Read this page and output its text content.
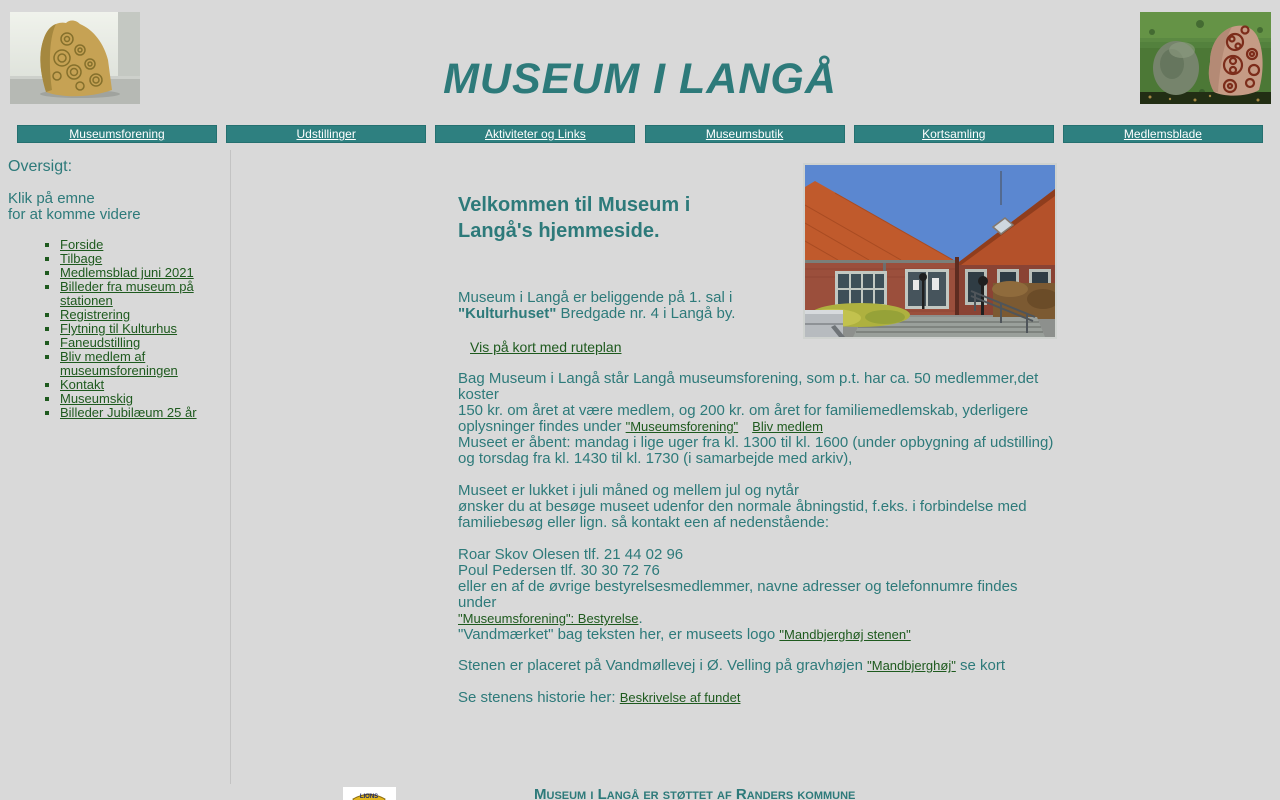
MUSEUM I LANGÅ
Museumsforening	Udstillinger	Aktiviteter og Links	Museumsbutik	Kortsamling	Medlemsblade
Oversigt:
Klik på emne
for at komme videre
▪ Forside
▪ Tilbage
▪ Medlemsblad juni 2021
▪ Billeder fra museum på stationen
▪ Registrering
▪ Flytning til Kulturhus
▪ Faneudstilling
▪ Bliv medlem af museumsforeningen
▪ Kontakt
▪ Museumskig
▪ Billeder Jubilæum 25 år
Velkommen til Museum i Langå's hjemmeside.
Museum i Langå er beliggende på 1. sal i
"Kulturhuset" Bredgade nr. 4 i Langå by.
Vis på kort med ruteplan
Bag Museum i Langå står Langå museumsforening, som p.t. har ca. 50 medlemmer,det koster
150 kr. om året at være medlem, og 200 kr. om året for familiemedlemskab, yderligere
oplysninger findes under "Museumsforening" Bliv medlem
Museet er åbent: mandag i lige uger fra kl. 1300 til kl. 1600 (under opbygning af udstilling)
og torsdag fra kl. 1430 til kl. 1730 (i samarbejde med arkiv),
Museet er lukket i juli måned og mellem jul og nytår
ønsker du at besøge museet udenfor den normale åbningstid, f.eks. i forbindelse med
familiebesøg eller lign. så kontakt een af nedenstående:
Roar Skov Olesen tlf. 21 44 02 96
Poul Pedersen tlf. 30 30 72 76
eller en af de øvrige bestyrelsesmedlemmer, navne adresser og telefonnumre findes under
"Museumsforening": Bestyrelse.
"Vandmærket" bag teksten her, er museets logo "Mandbjerghøj stenen"
Stenen er placeret på Vandmøllevej i Ø. Velling på gravhøjen "Mandbjerghøj" se kort
Se stenens historie her: Beskrivelse af fundet
LIONS	Museum i Langå er støttet af Randers kommune
